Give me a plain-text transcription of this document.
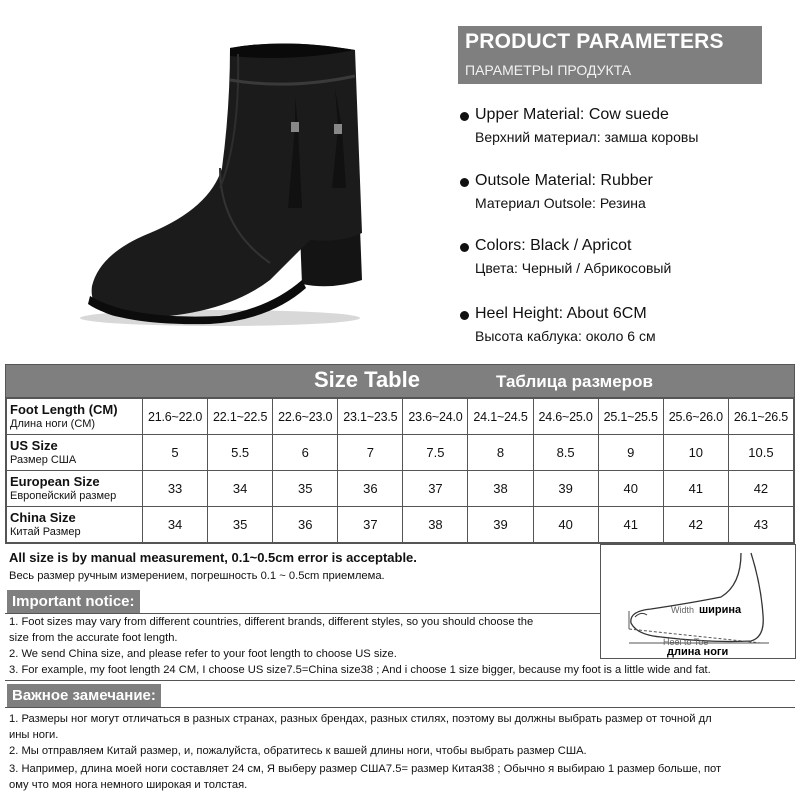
PRODUCT PARAMETERS
ПАРАМЕТРЫ ПРОДУКТА
Upper Material: Cow suede
Верхний материал: замша коровы
Outsole Material: Rubber
Материал Outsole: Резина
Colors: Black / Apricot
Цвета: Черный / Абрикосовый
Heel Height: About 6CM
Высота каблука: около 6 см
Size Table	Таблица размеров
Foot Length (CM)
Длина ноги (CM)	21.6~22.0	22.1~22.5	22.6~23.0	23.1~23.5	23.6~24.0	24.1~24.5	24.6~25.0	25.1~25.5	25.6~26.0	26.1~26.5

US Size
Размер США	5	5.5	6	7	7.5	8	8.5	9	10	10.5

European Size
Европейский размер	33	34	35	36	37	38	39	40	41	42

China Size
Китай Размер	34	35	36	37	38	39	40	41	42	43
All size is by manual measurement, 0.1~0.5cm error is acceptable.
Весь размер ручным измерением, погрешность 0.1 ~ 0.5cm приемлема.
Important notice:
1. Foot sizes may vary from different countries, different brands, different styles, so you should choose the
size from the accurate foot length.
2. We send China size, and please refer to your foot length to choose US size.
3. For example, my foot length 24 CM, I choose US size7.5=China size38 ; And i choose 1 size bigger, because my foot is a little wide and fat.
Важное замечание:
1. Размеры ног могут отличаться в разных странах, разных брендах, разных стилях, поэтому вы должны выбрать размер от точной дл
ины ноги.
2. Мы отправляем Китай размер, и, пожалуйста, обратитесь к вашей длины ноги, чтобы выбрать размер США.
3. Например, длина моей ноги составляет 24 см, Я выберу размер США7.5= размер Китая38 ; Обычно я выбираю 1 размер больше, пот
ому что моя нога немного широкая и толстая.
Width ширина
Heel to Toe
длина ноги
